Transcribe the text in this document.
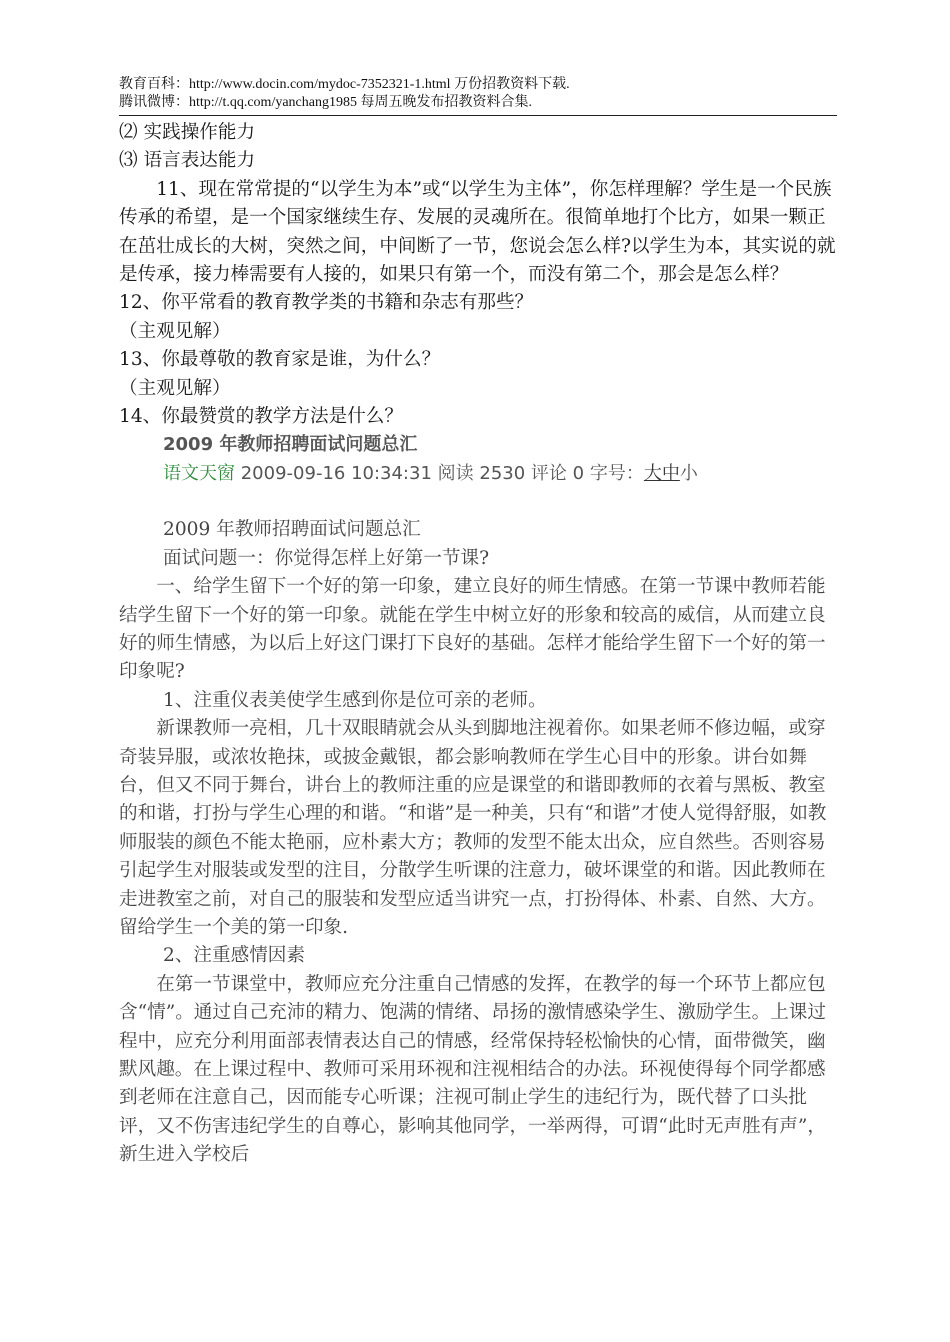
教育百科：http://www.docin.com/mydoc-7352321-1.html 万份招教资料下载.
腾讯微博：http://t.qq.com/yanchang1985 每周五晚发布招教资料合集.

⑵ 实践操作能力

⑶ 语言表达能力

11、现在常常提的“以学生为本”或“以学生为主体”，你怎样理解？学生是一个民族传承的希望，是一个国家继续生存、发展的灵魂所在。很简单地打个比方，如果一颗正在茁壮成长的大树，突然之间，中间断了一节，您说会怎么样?以学生为本，其实说的就是传承，接力棒需要有人接的，如果只有第一个，而没有第二个，那会是怎么样？

12、你平常看的教育教学类的书籍和杂志有那些？

（主观见解）

13、你最尊敬的教育家是谁，为什么？

（主观见解）

14、你最赞赏的教学方法是什么？

2009 年教师招聘面试问题总汇

语文天窗 2009-09-16 10:34:31 阅读 2530 评论 0 字号：大中小

2009 年教师招聘面试问题总汇

面试问题一：你觉得怎样上好第一节课?

一、给学生留下一个好的第一印象，建立良好的师生情感。在第一节课中教师若能结学生留下一个好的第一印象。就能在学生中树立好的形象和较高的威信，从而建立良好的师生情感，为以后上好这门课打下良好的基础。怎样才能给学生留下一个好的第一印象呢?

1、注重仪表美使学生感到你是位可亲的老师。

新课教师一亮相，几十双眼睛就会从头到脚地注视着你。如果老师不修边幅，或穿奇装异服，或浓妆艳抹，或披金戴银，都会影响教师在学生心目中的形象。讲台如舞台，但又不同于舞台，讲台上的教师注重的应是课堂的和谐即教师的衣着与黑板、教室的和谐，打扮与学生心理的和谐。“和谐”是一种美，只有“和谐”才使人觉得舒服，如教师服装的颜色不能太艳丽，应朴素大方；教师的发型不能太出众，应自然些。否则容易引起学生对服装或发型的注目，分散学生听课的注意力，破坏课堂的和谐。因此教师在走进教室之前，对自己的服装和发型应适当讲究一点，打扮得体、朴素、自然、大方。留给学生一个美的第一印象.

2、注重感情因素

在第一节课堂中，教师应充分注重自己情感的发挥，在教学的每一个环节上都应包含“情”。通过自己充沛的精力、饱满的情绪、昂扬的激情感染学生、激励学生。上课过程中，应充分利用面部表情表达自己的情感，经常保持轻松愉快的心情，面带微笑，幽默风趣。在上课过程中、教师可采用环视和注视相结合的办法。环视使得每个同学都感到老师在注意自己，因而能专心听课；注视可制止学生的违纪行为，既代替了口头批评，又不伤害违纪学生的自尊心，影响其他同学，一举两得，可谓“此时无声胜有声”，新生进入学校后
